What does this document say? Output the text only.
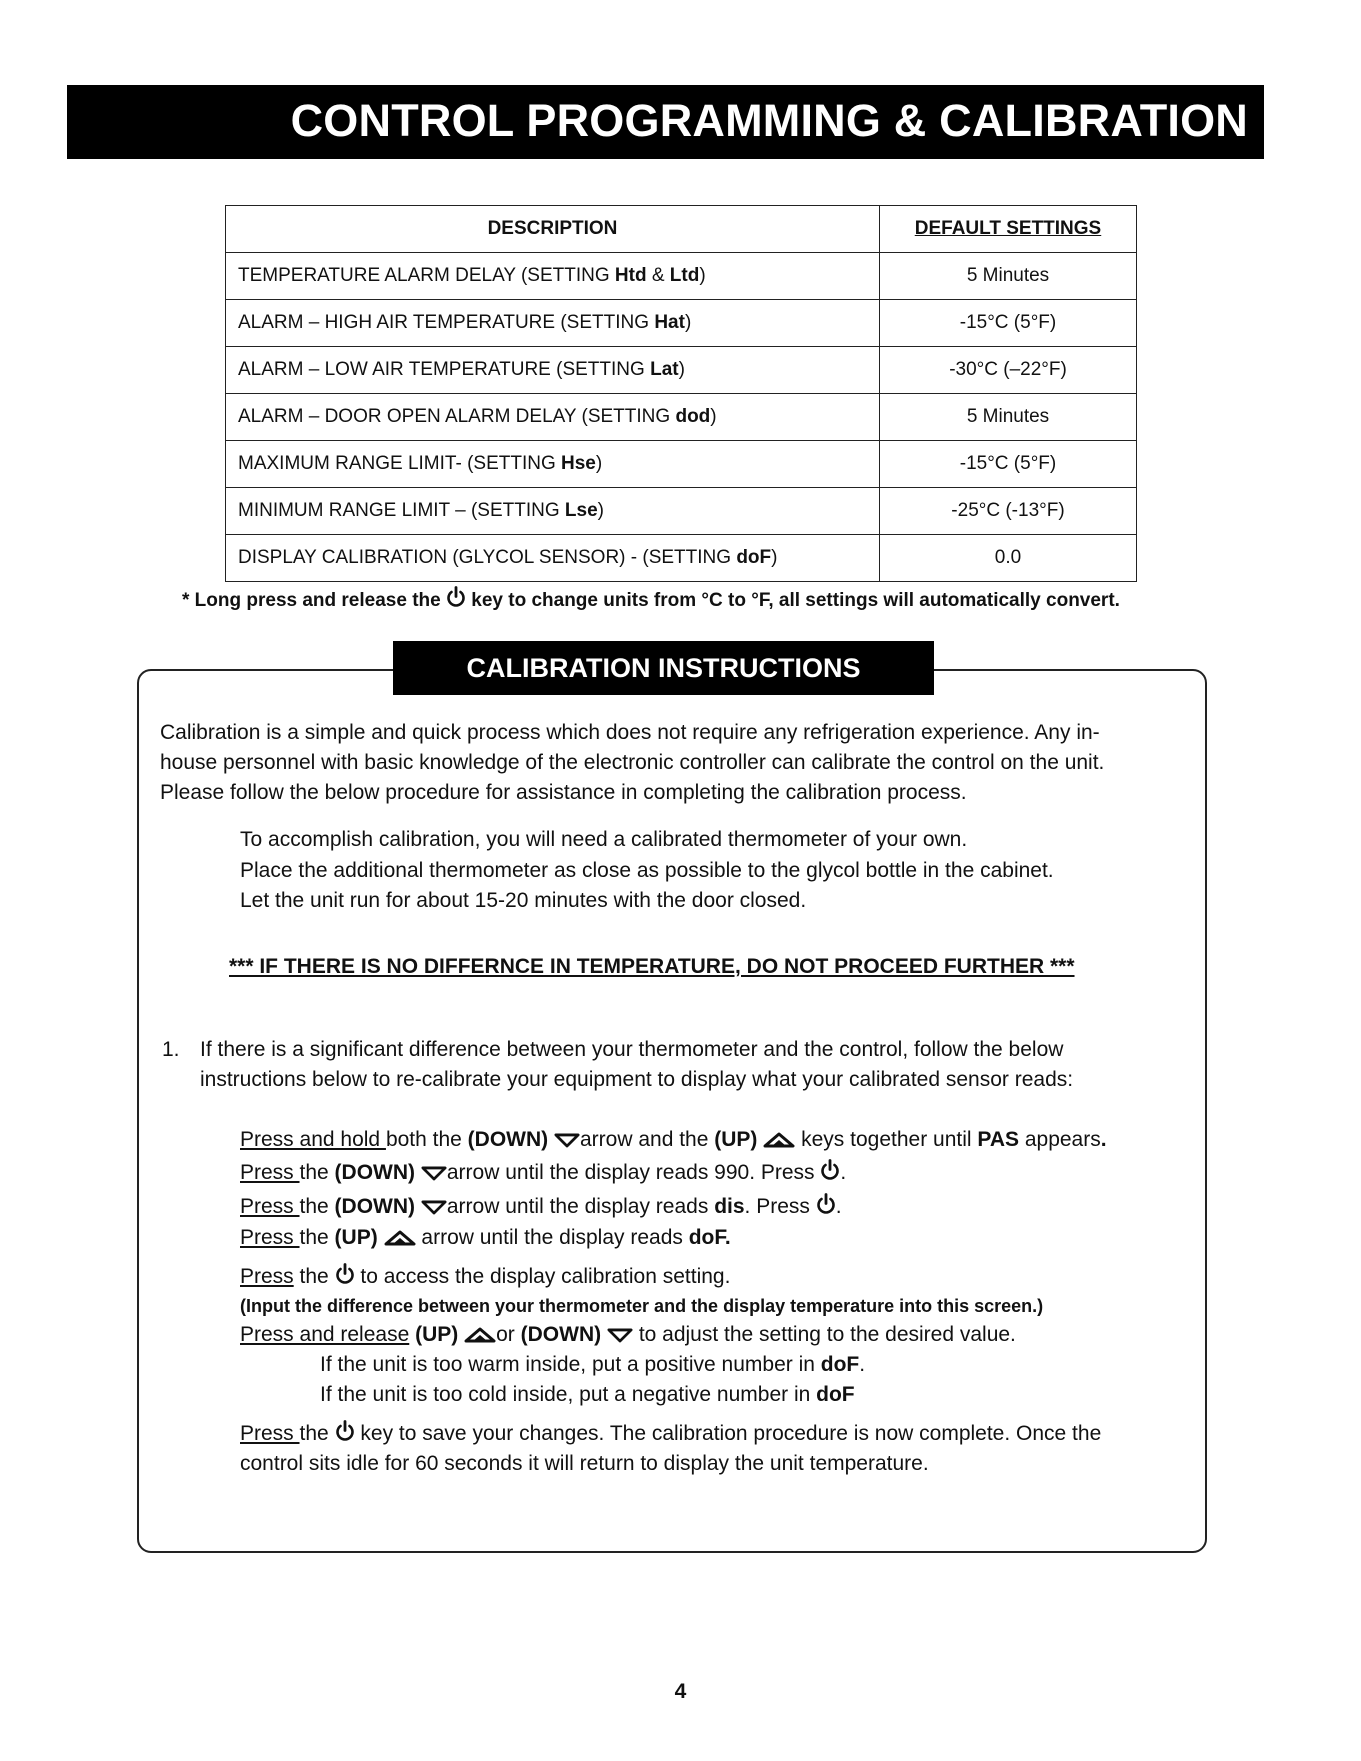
CONTROL PROGRAMMING & CALIBRATION
DESCRIPTION	DEFAULT SETTINGS
TEMPERATURE ALARM DELAY (SETTING Htd & Ltd)	5 Minutes
ALARM – HIGH AIR TEMPERATURE (SETTING Hat)	-15°C (5°F)
ALARM – LOW AIR TEMPERATURE (SETTING Lat)	-30°C (–22°F)
ALARM – DOOR OPEN ALARM DELAY (SETTING dod)	5 Minutes
MAXIMUM RANGE LIMIT- (SETTING Hse)	-15°C (5°F)
MINIMUM RANGE LIMIT – (SETTING Lse)	-25°C (-13°F)
DISPLAY CALIBRATION (GLYCOL SENSOR) - (SETTING doF)	0.0
* Long press and release the key to change units from °C to °F, all settings will automatically convert.
CALIBRATION INSTRUCTIONS
Calibration is a simple and quick process which does not require any refrigeration experience. Any in-
house personnel with basic knowledge of the electronic controller can calibrate the control on the unit.
Please follow the below procedure for assistance in completing the calibration process.
To accomplish calibration, you will need a calibrated thermometer of your own.
Place the additional thermometer as close as possible to the glycol bottle in the cabinet.
Let the unit run for about 15-20 minutes with the door closed.
*** IF THERE IS NO DIFFERNCE IN TEMPERATURE, DO NOT PROCEED FURTHER ***
1. If there is a significant difference between your thermometer and the control, follow the below
instructions below to re-calibrate your equipment to display what your calibrated sensor reads:
Press and hold both the (DOWN) arrow and the (UP) keys together until PAS appears.
Press the (DOWN) arrow until the display reads 990. Press .
Press the (DOWN) arrow until the display reads dis. Press .
Press the (UP) arrow until the display reads doF.
Press the  to access the display calibration setting.
(Input the difference between your thermometer and the display temperature into this screen.)
Press and release (UP) or (DOWN) to adjust the setting to the desired value.
If the unit is too warm inside, put a positive number in doF.
If the unit is too cold inside, put a negative number in doF
Press the  key to save your changes. The calibration procedure is now complete. Once the
control sits idle for 60 seconds it will return to display the unit temperature.
4
